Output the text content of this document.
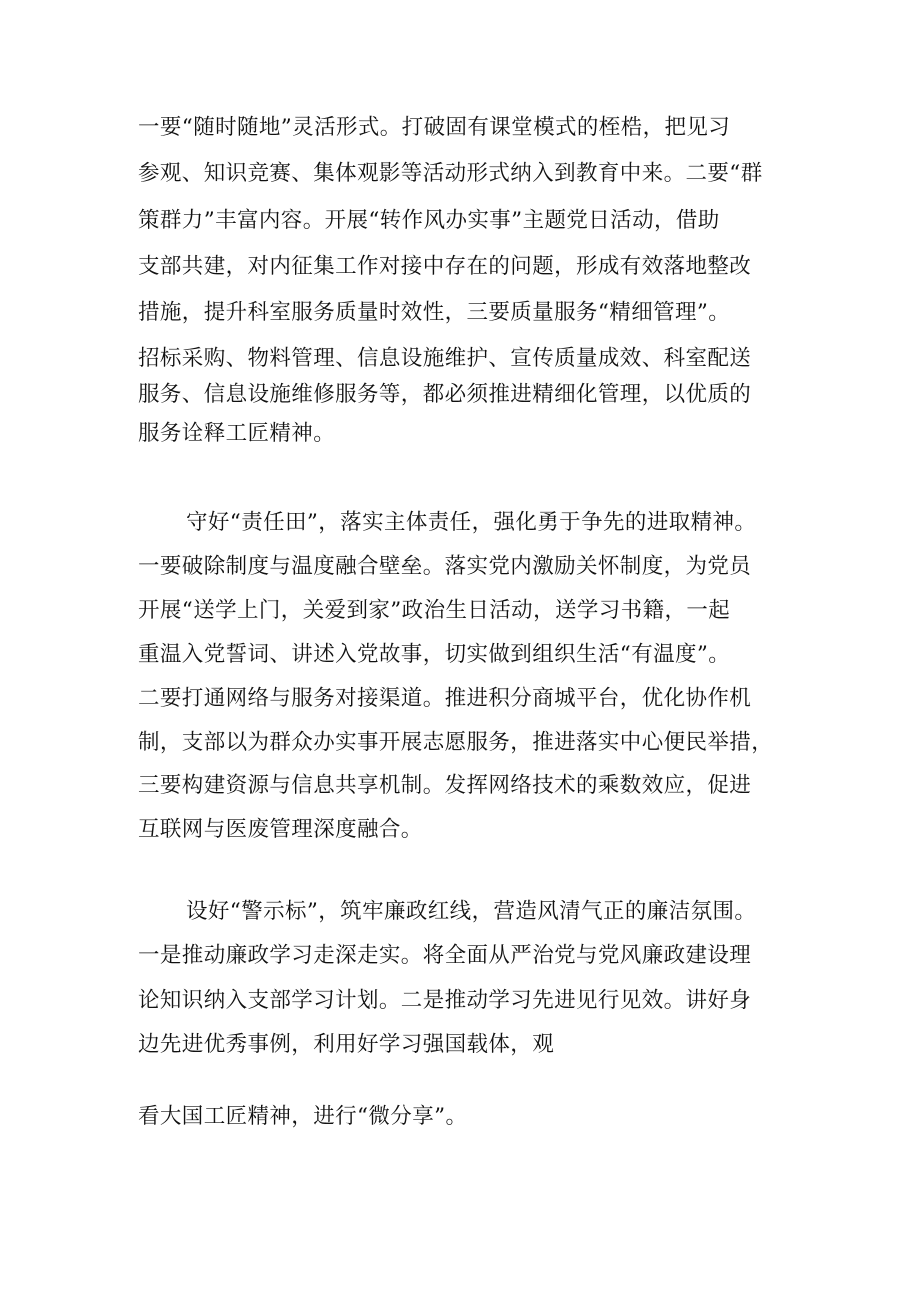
一要“随时随地”灵活形式。打破固有课堂模式的桎梏，把见习
参观、知识竞赛、集体观影等活动形式纳入到教育中来。二要“群
策群力”丰富内容。开展“转作风办实事”主题党日活动，借助
支部共建，对内征集工作对接中存在的问题，形成有效落地整改
措施，提升科室服务质量时效性，三要质量服务“精细管理”。
招标采购、物料管理、信息设施维护、宣传质量成效、科室配送
服务、信息设施维修服务等，都必须推进精细化管理，以优质的
服务诠释工匠精神。
守好“责任田”，落实主体责任，强化勇于争先的进取精神。
一要破除制度与温度融合壁垒。落实党内激励关怀制度，为党员
开展“送学上门，关爱到家”政治生日活动，送学习书籍，一起
重温入党誓词、讲述入党故事，切实做到组织生活“有温度”。
二要打通网络与服务对接渠道。推进积分商城平台，优化协作机
制，支部以为群众办实事开展志愿服务，推进落实中心便民举措，
三要构建资源与信息共享机制。发挥网络技术的乘数效应，促进
互联网与医废管理深度融合。
设好“警示标”，筑牢廉政红线，营造风清气正的廉洁氛围。
一是推动廉政学习走深走实。将全面从严治党与党风廉政建设理
论知识纳入支部学习计划。二是推动学习先进见行见效。讲好身
边先进优秀事例，利用好学习强国载体，观
看大国工匠精神，进行“微分享”。
